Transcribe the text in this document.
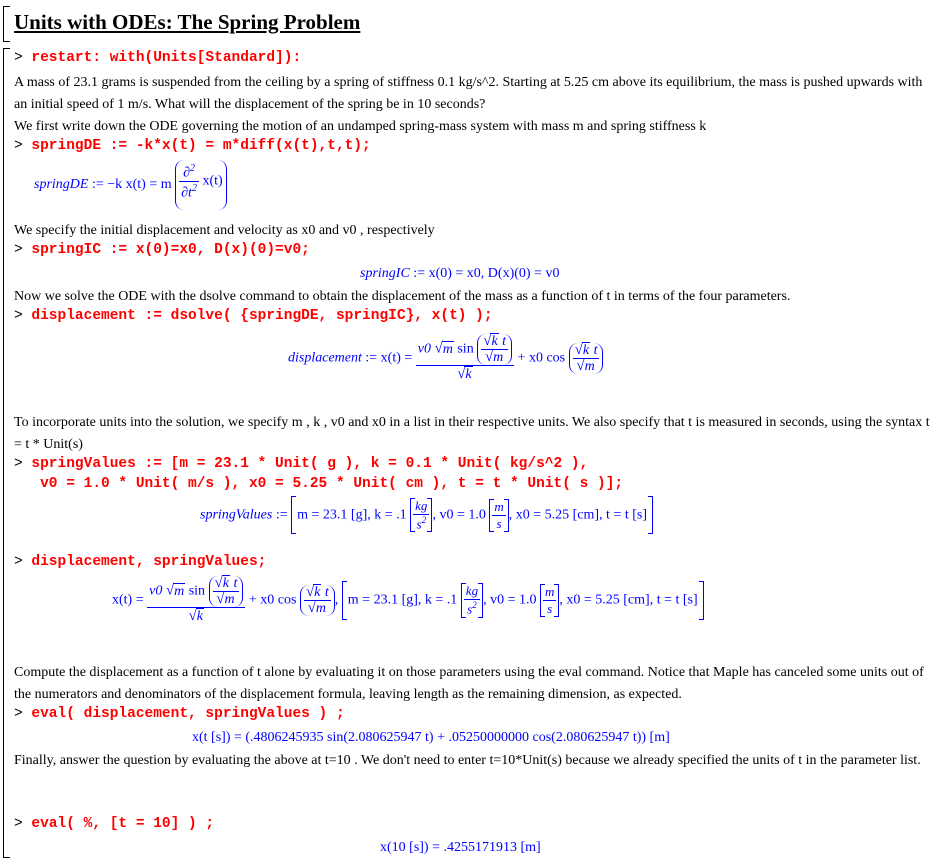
Units with ODEs: The Spring Problem
> restart: with(Units[Standard]):
A mass of 23.1 grams is suspended from the ceiling by a spring of stiffness 0.1 kg/s^2. Starting at 5.25 cm above its equilibrium, the mass is pushed upwards with an initial speed of 1 m/s. What will the displacement of the spring be in 10 seconds?
We first write down the ODE governing the motion of an undamped spring-mass system with mass m and spring stiffness k
> springDE := -k*x(t) = m*diff(x(t),t,t);
springDE := −k x(t) = m $\frac{\partial^2}{\partial t^2} x(t)$
We specify the initial displacement and velocity as x0 and v0 , respectively
> springIC := x(0)=x0, D(x)(0)=v0;
springIC := x(0) = x0, D(x)(0) = v0
Now we solve the ODE with the dsolve command to obtain the displacement of the mass as a function of t in terms of the four parameters.
> displacement := dsolve( {springDE, springIC}, x(t) );
displacement := $x(t) = \frac{v0 √m \sin \frac{\text{√k t}}{√m}}{√k} + x0$ $\cos \frac{\text{√k t}}{√m}$
To incorporate units into the solution, we specify m , k , v0 and x0 in a list in their respective units. We also specify that t is measured in seconds, using the syntax t = t * Unit(s)
> springValues := [m = 23.1 * Unit( g ), k = 0.1 * Unit( kg/s^2 ),
v0 = 1.0 * Unit( m/s ), x0 = 5.25 * Unit( cm ), t = t * Unit( s )];
springValues := m = 23.1 [g], $k = .1 \frac{kg}{s^2}$ , $v0 = 1.0 \frac{m}{s}$ , x0 = 5.25 [cm], t = t [s]
> displacement, springValues;
$x(t) = \frac{v0 √m \sin \frac{\text{√k t}}{√m}}{√k} + x0$ $\cos \frac{\text{√k t}}{√m}$ , m = 23.1 [g], $k = .1 \frac{kg}{s^2}$ , $v0 = 1.0 \frac{m}{s}$ , x0 = 5.25 [cm], t = t [s]
Compute the displacement as a function of t alone by evaluating it on those parameters using the eval command. Notice that Maple has canceled some units out of the numerators and denominators of the displacement formula, leaving length as the remaining dimension, as expected.
> eval( displacement, springValues ) ;
x(t [s]) = (.4806245935 sin(2.080625947 t) + .05250000000 cos(2.080625947 t)) [m]
Finally, answer the question by evaluating the above at t=10 . We don't need to enter t=10*Unit(s) because we already specified the units of t in the parameter list.
> eval( %, [t = 10] ) ;
x(10 [s]) = .4255171913 [m]
